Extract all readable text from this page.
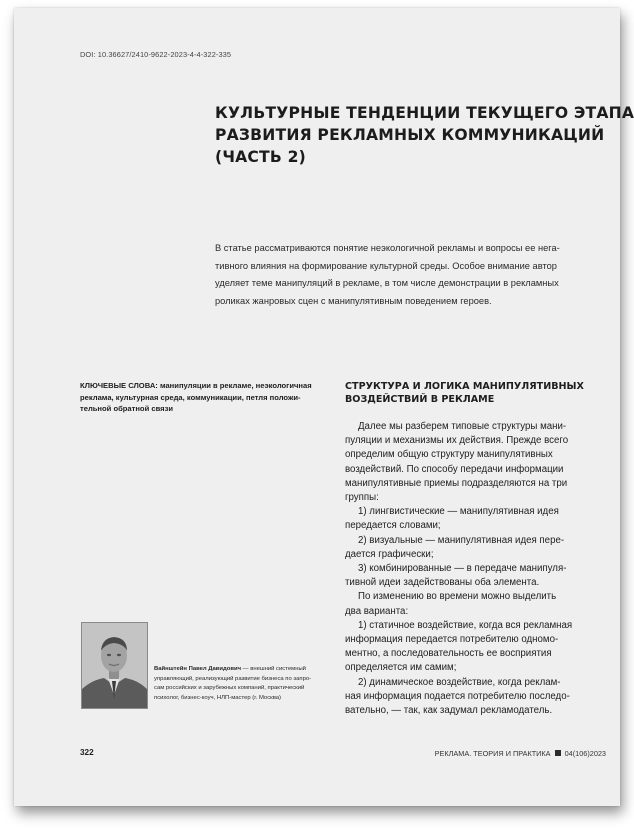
DOI: 10.36627/2410-9622-2023-4-4-322-335
КУЛЬТУРНЫЕ ТЕНДЕНЦИИ ТЕКУЩЕГО ЭТАПА
РАЗВИТИЯ РЕКЛАМНЫХ КОММУНИКАЦИЙ
(ЧАСТЬ 2)
В статье рассматриваются понятие неэкологичной рекламы и вопросы ее нега-
тивного влияния на формирование культурной среды. Особое внимание автор
уделяет теме манипуляций в рекламе, в том числе демонстрации в рекламных
роликах жанровых сцен с манипулятивным поведением героев.
КЛЮЧЕВЫЕ СЛОВА: манипуляции в рекламе, неэкологичная
реклама, культурная среда, коммуникации, петля положи-
тельной обратной связи
СТРУКТУРА И ЛОГИКА МАНИПУЛЯТИВНЫХ
ВОЗДЕЙСТВИЙ В РЕКЛАМЕ
Далее мы разберем типовые структуры мани-
пуляции и механизмы их действия. Прежде всего
определим общую структуру манипулятивных
воздействий. По способу передачи информации
манипулятивные приемы подразделяются на три
группы:
1) лингвистические — манипулятивная идея
передается словами;
2) визуальные — манипулятивная идея пере-
дается графически;
3) комбинированные — в передаче манипуля-
тивной идеи задействованы оба элемента.
По изменению во времени можно выделить
два варианта:
1) статичное воздействие, когда вся рекламная
информация передается потребителю одномо-
ментно, а последовательность ее восприятия
определяется им самим;
2) динамическое воздействие, когда реклам-
ная информация подается потребителю последо-
вательно, — так, как задумал рекламодатель.
Вайнштейн Павел Давидович — внешний системный
управляющий, реализующий развитие бизнеса по запро-
сам российских и зарубежных компаний, практический
психолог, бизнес-коуч, НЛП-мастер (г. Москва)
322	РЕКЛАМА. ТЕОРИЯ И ПРАКТИКА 04(106)2023
